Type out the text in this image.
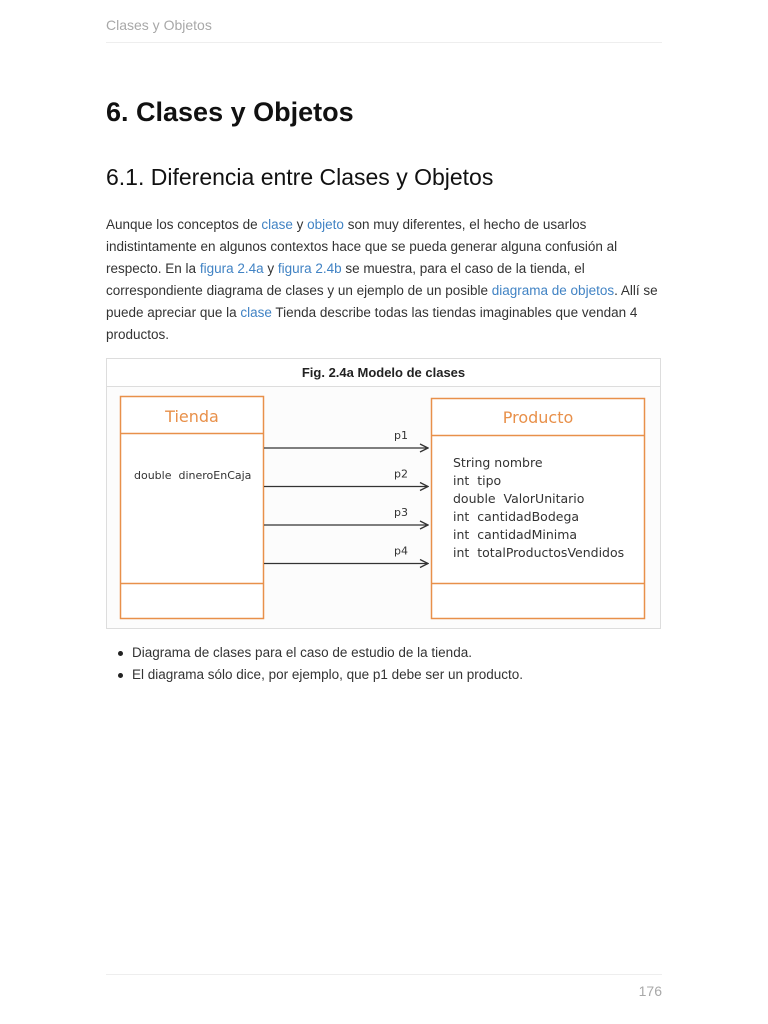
Clases y Objetos
6. Clases y Objetos
6.1. Diferencia entre Clases y Objetos

Aunque los conceptos de clase y objeto son muy diferentes, el hecho de usarlos indistintamente en algunos contextos hace que se pueda generar alguna confusión al respecto. En la figura 2.4a y figura 2.4b se muestra, para el caso de la tienda, el correspondiente diagrama de clases y un ejemplo de un posible diagrama de objetos. Allí se puede apreciar que la clase Tienda describe todas las tiendas imaginables que vendan 4 productos.

Fig. 2.4a Modelo de clases
Tienda
double  dineroEnCaja
Producto
String nombre
int  tipo
double  ValorUnitario
int  cantidadBodega
int  cantidadMinima
int  totalProductosVendidos
p1
p2
p3
p4
Diagrama de clases para el caso de estudio de la tienda.
El diagrama sólo dice, por ejemplo, que p1 debe ser un producto.
176
